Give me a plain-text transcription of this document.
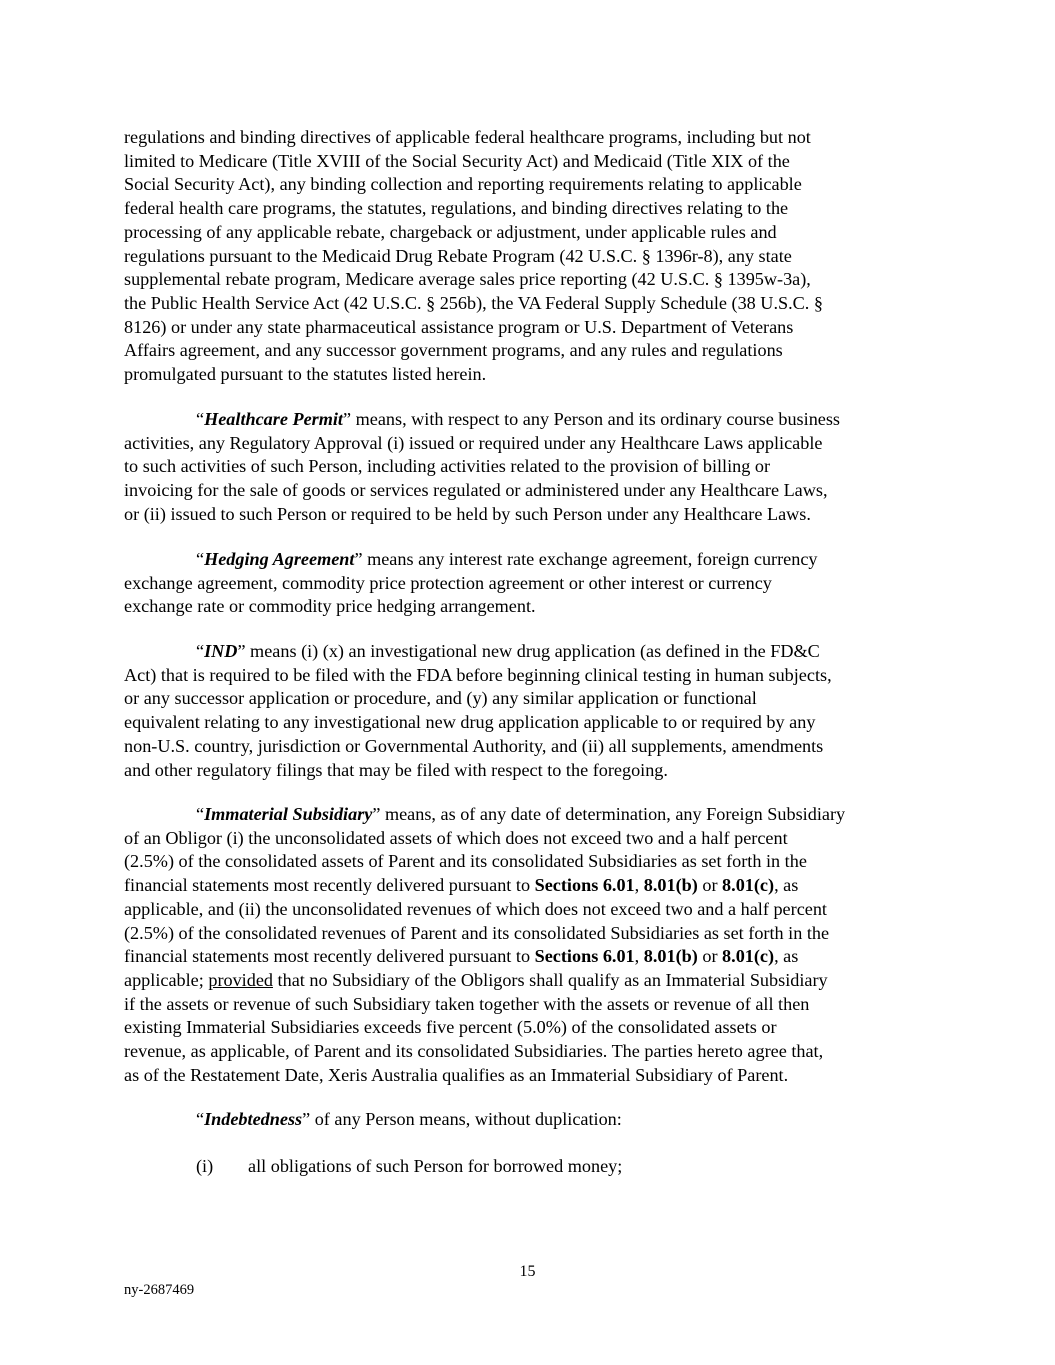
regulations and binding directives of applicable federal healthcare programs, including but not
limited to Medicare (Title XVIII of the Social Security Act) and Medicaid (Title XIX of the
Social Security Act), any binding collection and reporting requirements relating to applicable
federal health care programs, the statutes, regulations, and binding directives relating to the
processing of any applicable rebate, chargeback or adjustment, under applicable rules and
regulations pursuant to the Medicaid Drug Rebate Program (42 U.S.C. § 1396r-8), any state
supplemental rebate program, Medicare average sales price reporting (42 U.S.C. § 1395w-3a),
the Public Health Service Act (42 U.S.C. § 256b), the VA Federal Supply Schedule (38 U.S.C. §
8126) or under any state pharmaceutical assistance program or U.S. Department of Veterans
Affairs agreement, and any successor government programs, and any rules and regulations
promulgated pursuant to the statutes listed herein.
“Healthcare Permit” means, with respect to any Person and its ordinary course business
activities, any Regulatory Approval (i) issued or required under any Healthcare Laws applicable
to such activities of such Person, including activities related to the provision of billing or
invoicing for the sale of goods or services regulated or administered under any Healthcare Laws,
or (ii) issued to such Person or required to be held by such Person under any Healthcare Laws.
“Hedging Agreement” means any interest rate exchange agreement, foreign currency
exchange agreement, commodity price protection agreement or other interest or currency
exchange rate or commodity price hedging arrangement.
“IND” means (i) (x) an investigational new drug application (as defined in the FD&C
Act) that is required to be filed with the FDA before beginning clinical testing in human subjects,
or any successor application or procedure, and (y) any similar application or functional
equivalent relating to any investigational new drug application applicable to or required by any
non-U.S. country, jurisdiction or Governmental Authority, and (ii) all supplements, amendments
and other regulatory filings that may be filed with respect to the foregoing.
“Immaterial Subsidiary” means, as of any date of determination, any Foreign Subsidiary
of an Obligor (i) the unconsolidated assets of which does not exceed two and a half percent
(2.5%) of the consolidated assets of Parent and its consolidated Subsidiaries as set forth in the
financial statements most recently delivered pursuant to Sections 6.01, 8.01(b) or 8.01(c), as
applicable, and (ii) the unconsolidated revenues of which does not exceed two and a half percent
(2.5%) of the consolidated revenues of Parent and its consolidated Subsidiaries as set forth in the
financial statements most recently delivered pursuant to Sections 6.01, 8.01(b) or 8.01(c), as
applicable; provided that no Subsidiary of the Obligors shall qualify as an Immaterial Subsidiary
if the assets or revenue of such Subsidiary taken together with the assets or revenue of all then
existing Immaterial Subsidiaries exceeds five percent (5.0%) of the consolidated assets or
revenue, as applicable, of Parent and its consolidated Subsidiaries. The parties hereto agree that,
as of the Restatement Date, Xeris Australia qualifies as an Immaterial Subsidiary of Parent.
“Indebtedness” of any Person means, without duplication:
(i) all obligations of such Person for borrowed money;
15
ny-2687469
